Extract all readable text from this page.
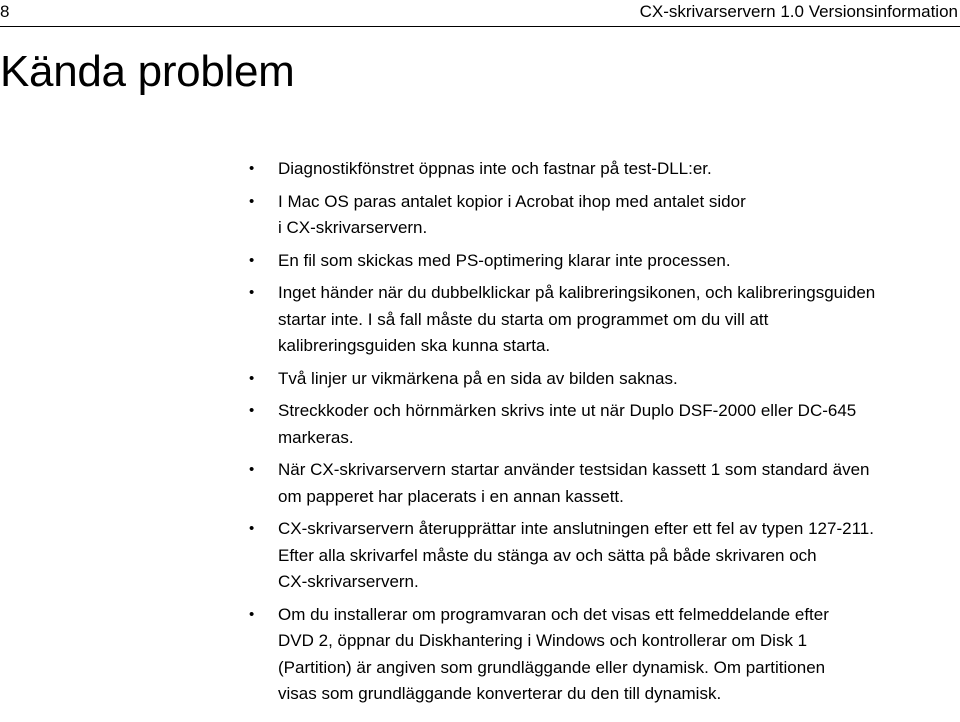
8	CX-skrivarservern 1.0 Versionsinformation
Kända problem
• Diagnostikfönstret öppnas inte och fastnar på test-DLL:er.
• I Mac OS paras antalet kopior i Acrobat ihop med antalet sidor
i CX-skrivarservern.
• En fil som skickas med PS-optimering klarar inte processen.
• Inget händer när du dubbelklickar på kalibreringsikonen, och kalibreringsguiden
startar inte. I så fall måste du starta om programmet om du vill att
kalibreringsguiden ska kunna starta.
• Två linjer ur vikmärkena på en sida av bilden saknas.
• Streckkoder och hörnmärken skrivs inte ut när Duplo DSF-2000 eller DC-645
markeras.
• När CX-skrivarservern startar använder testsidan kassett 1 som standard även
om papperet har placerats i en annan kassett.
• CX-skrivarservern återupprättar inte anslutningen efter ett fel av typen 127-211.
Efter alla skrivarfel måste du stänga av och sätta på både skrivaren och
CX-skrivarservern.
• Om du installerar om programvaran och det visas ett felmeddelande efter
DVD 2, öppnar du Diskhantering i Windows och kontrollerar om Disk 1
(Partition) är angiven som grundläggande eller dynamisk. Om partitionen
visas som grundläggande konverterar du den till dynamisk.
